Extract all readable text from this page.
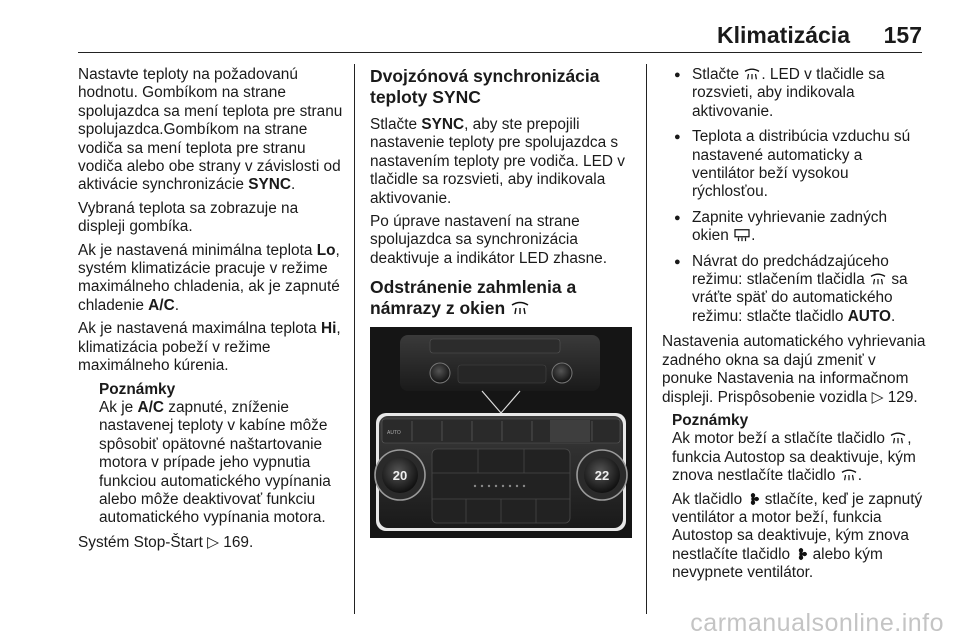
Klimatizácia 157

Nastavte teploty na požadovanú hodnotu. Gombíkom na strane spolujazdca sa mení teplota pre stranu spolujazdca.Gombíkom na strane vodiča sa mení teplota pre stranu vodiča alebo obe strany v závislosti od aktivácie synchronizácie SYNC.

Vybraná teplota sa zobrazuje na displeji gombíka.

Ak je nastavená minimálna teplota Lo, systém klimatizácie pracuje v režime maximálneho chladenia, ak je zapnuté chladenie A/C.

Ak je nastavená maximálna teplota Hi, klimatizácia pobeží v režime maximálneho kúrenia.

Poznámky
Ak je A/C zapnuté, zníženie nastavenej teploty v kabíne môže spôsobiť opätovné naštartovanie motora v prípade jeho vypnutia funkciou automatického vypínania alebo môže deaktivovať funkciu automatického vypínania motora.

Systém Stop-Štart ▷ 169.

Dvojzónová synchronizácia teploty SYNC

Stlačte SYNC, aby ste prepojili nastavenie teploty pre spolujazdca s nastavením teploty pre vodiča. LED v tlačidle sa rozsvieti, aby indikovala aktivovanie.

Po úprave nastavení na strane spolujazdca sa synchronizácia deaktivuje a indikátor LED zhasne.

Odstránenie zahmlenia a námrazy z okien
AUTO
20	22
● Stlačte . LED v tlačidle sa rozsvieti, aby indikovala aktivovanie.
● Teplota a distribúcia vzduchu sú nastavené automaticky a ventilátor beží vysokou rýchlosťou.
● Zapnite vyhrievanie zadných okien .
● Návrat do predchádzajúceho režimu: stlačením tlačidla  sa vráťte späť do automatického režimu: stlačte tlačidlo AUTO.

Nastavenia automatického vyhrievania zadného okna sa dajú zmeniť v ponuke Nastavenia na informačnom displeji. Prispôsobenie vozidla ▷ 129.

Poznámky
Ak motor beží a stlačíte tlačidlo , funkcia Autostop sa deaktivuje, kým znova nestlačíte tlačidlo .
Ak tlačidlo  stlačíte, keď je zapnutý ventilátor a motor beží, funkcia Autostop sa deaktivuje, kým znova nestlačíte tlačidlo  alebo kým nevypnete ventilátor.
carmanualsonline.info
